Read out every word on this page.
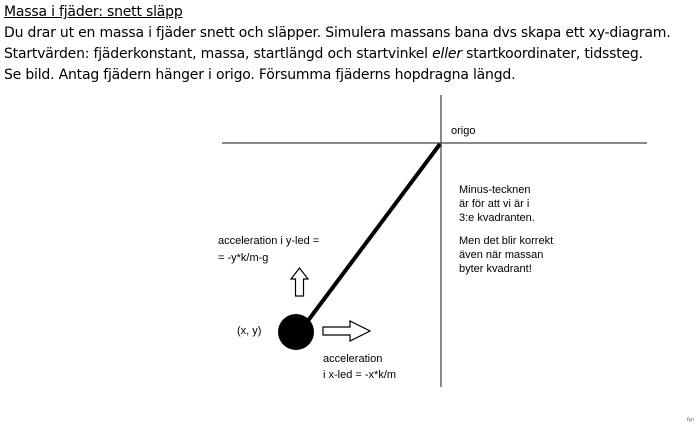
Massa i fjäder: snett släpp
Du drar ut en massa i fjäder snett och släpper. Simulera massans bana dvs skapa ett xy-diagram.
Startvärden: fjäderkonstant, massa, startlängd och startvinkel eller startkoordinater, tidssteg.
Se bild. Antag fjädern hänger i origo. Försumma fjäderns hopdragna längd.
origo
(x, y)
Minus-tecknen
är för att vi är i
3:e kvadranten.
Men det blir korrekt
även när massan
byter kvadrant!
acceleration i y-led =
= -y*k/m-g
acceleration
i x-led = -x*k/m
Fyri
